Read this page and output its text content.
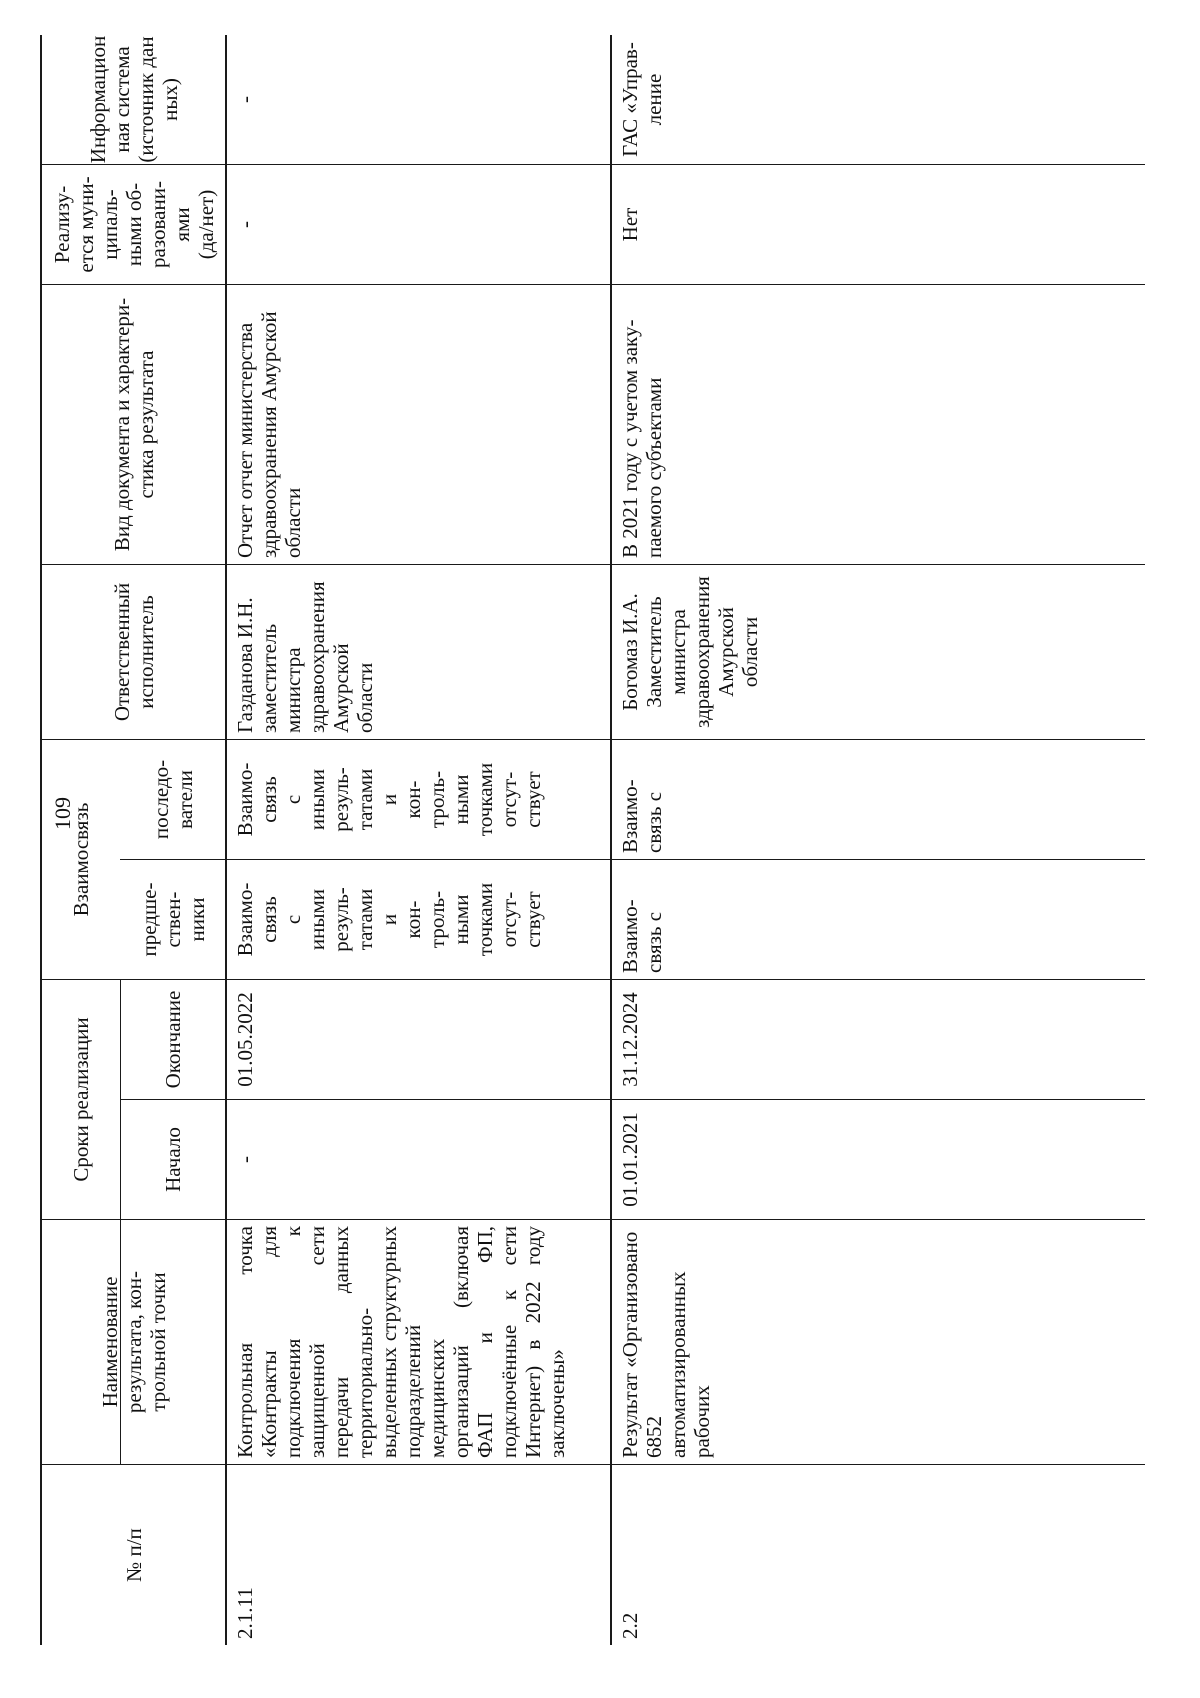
109
№ п/п
Наименование результата, кон-
трольной точки
Сроки реализации	Начало
Окончание
Взаимосвязь
предше-
ствен-
ники
последо-
ватели
Ответственный
исполнитель
Вид документа и характери-
стика результата
Реализу-
ется муни-
ципаль-
ными об-
разовани-
ями
(да/нет)
Информацион
ная система
(источник дан
ных)
2.1.11
Контрольная точка «Контракты для подключения к защищенной сети передачи данных территориально-выделенных структурных подразделений медицинских организаций (включая ФАП и ФП, подключённые к сети Интернет) в 2022 году заключены»
-
01.05.2022
Взаимо-
связь
с
иными
резуль-
татами
и
кон-
троль-
ными
точками
отсут-
ствует
Взаимо-
связь
с
иными
резуль-
татами
и
кон-
троль-
ными
точками
отсут-
ствует
Газданова И.Н. заместитель министра здравоохранения Амурской области
Отчет отчет министерства здравоохранения Амурской области
-
-
2.2
Результат «Организовано 6852 автоматизированных рабочих
01.01.2021
31.12.2024
Взаимо-
связь с
Взаимо-
связь с
Богомаз И.А.
Заместитель
министра
здравоохранения
Амурской
области
В 2021 году с учетом заку-
паемого субъектами
Нет
ГАС «Управ-
ление
